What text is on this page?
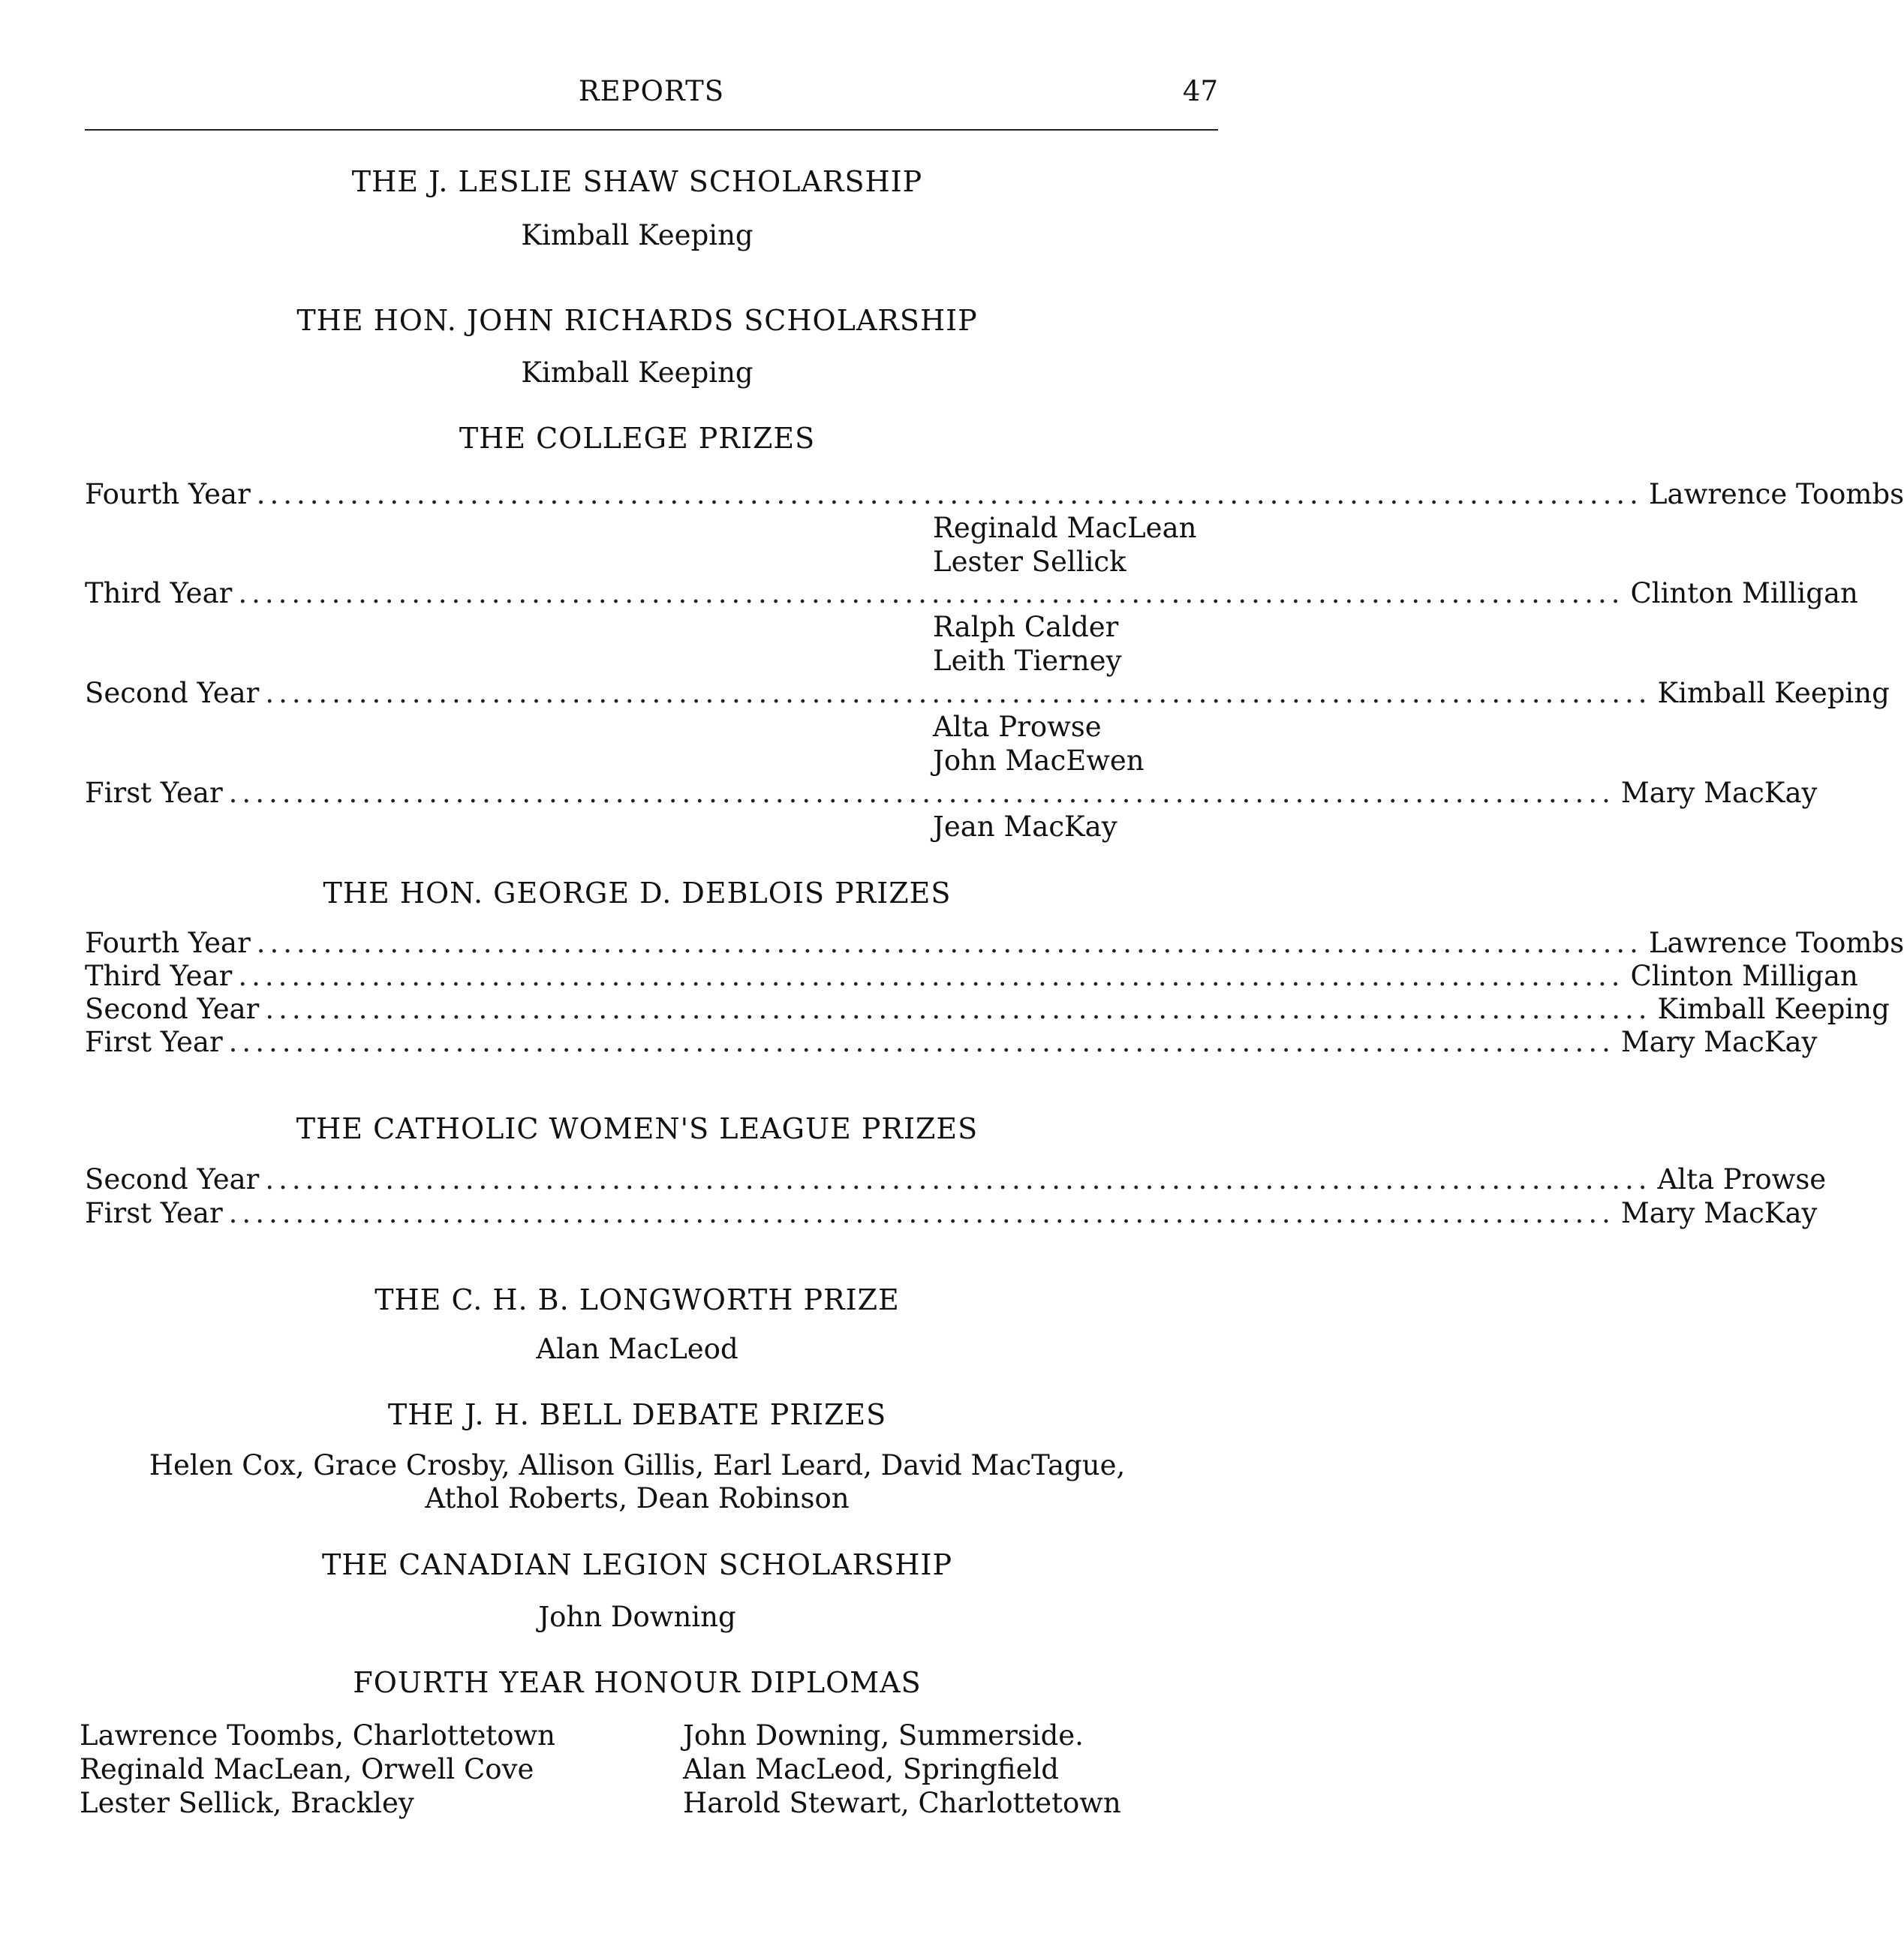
REPORTS	47
THE J. LESLIE SHAW SCHOLARSHIP
Kimball Keeping
THE HON. JOHN RICHARDS SCHOLARSHIP
Kimball Keeping
THE COLLEGE PRIZES
Fourth Year ........................................................................................................ Lawrence Toombs
Reginald MacLean
Lester Sellick
Third Year ........................................................................................................ Clinton Milligan
Ralph Calder
Leith Tierney
Second Year ........................................................................................................ Kimball Keeping
Alta Prowse
John MacEwen
First Year ........................................................................................................ Mary MacKay
Jean MacKay
THE HON. GEORGE D. DEBLOIS PRIZES
Fourth Year ........................................................................................................ Lawrence Toombs
Third Year ........................................................................................................ Clinton Milligan
Second Year ........................................................................................................ Kimball Keeping
First Year ........................................................................................................ Mary MacKay
THE CATHOLIC WOMEN'S LEAGUE PRIZES
Second Year ........................................................................................................ Alta Prowse
First Year ........................................................................................................ Mary MacKay
THE C. H. B. LONGWORTH PRIZE
Alan MacLeod
THE J. H. BELL DEBATE PRIZES
Helen Cox, Grace Crosby, Allison Gillis, Earl Leard, David MacTague,
Athol Roberts, Dean Robinson
THE CANADIAN LEGION SCHOLARSHIP
John Downing
FOURTH YEAR HONOUR DIPLOMAS
Lawrence Toombs, Charlottetown
Reginald MacLean, Orwell Cove
Lester Sellick, Brackley
John Downing, Summerside.
Alan MacLeod, Springfield
Harold Stewart, Charlottetown
